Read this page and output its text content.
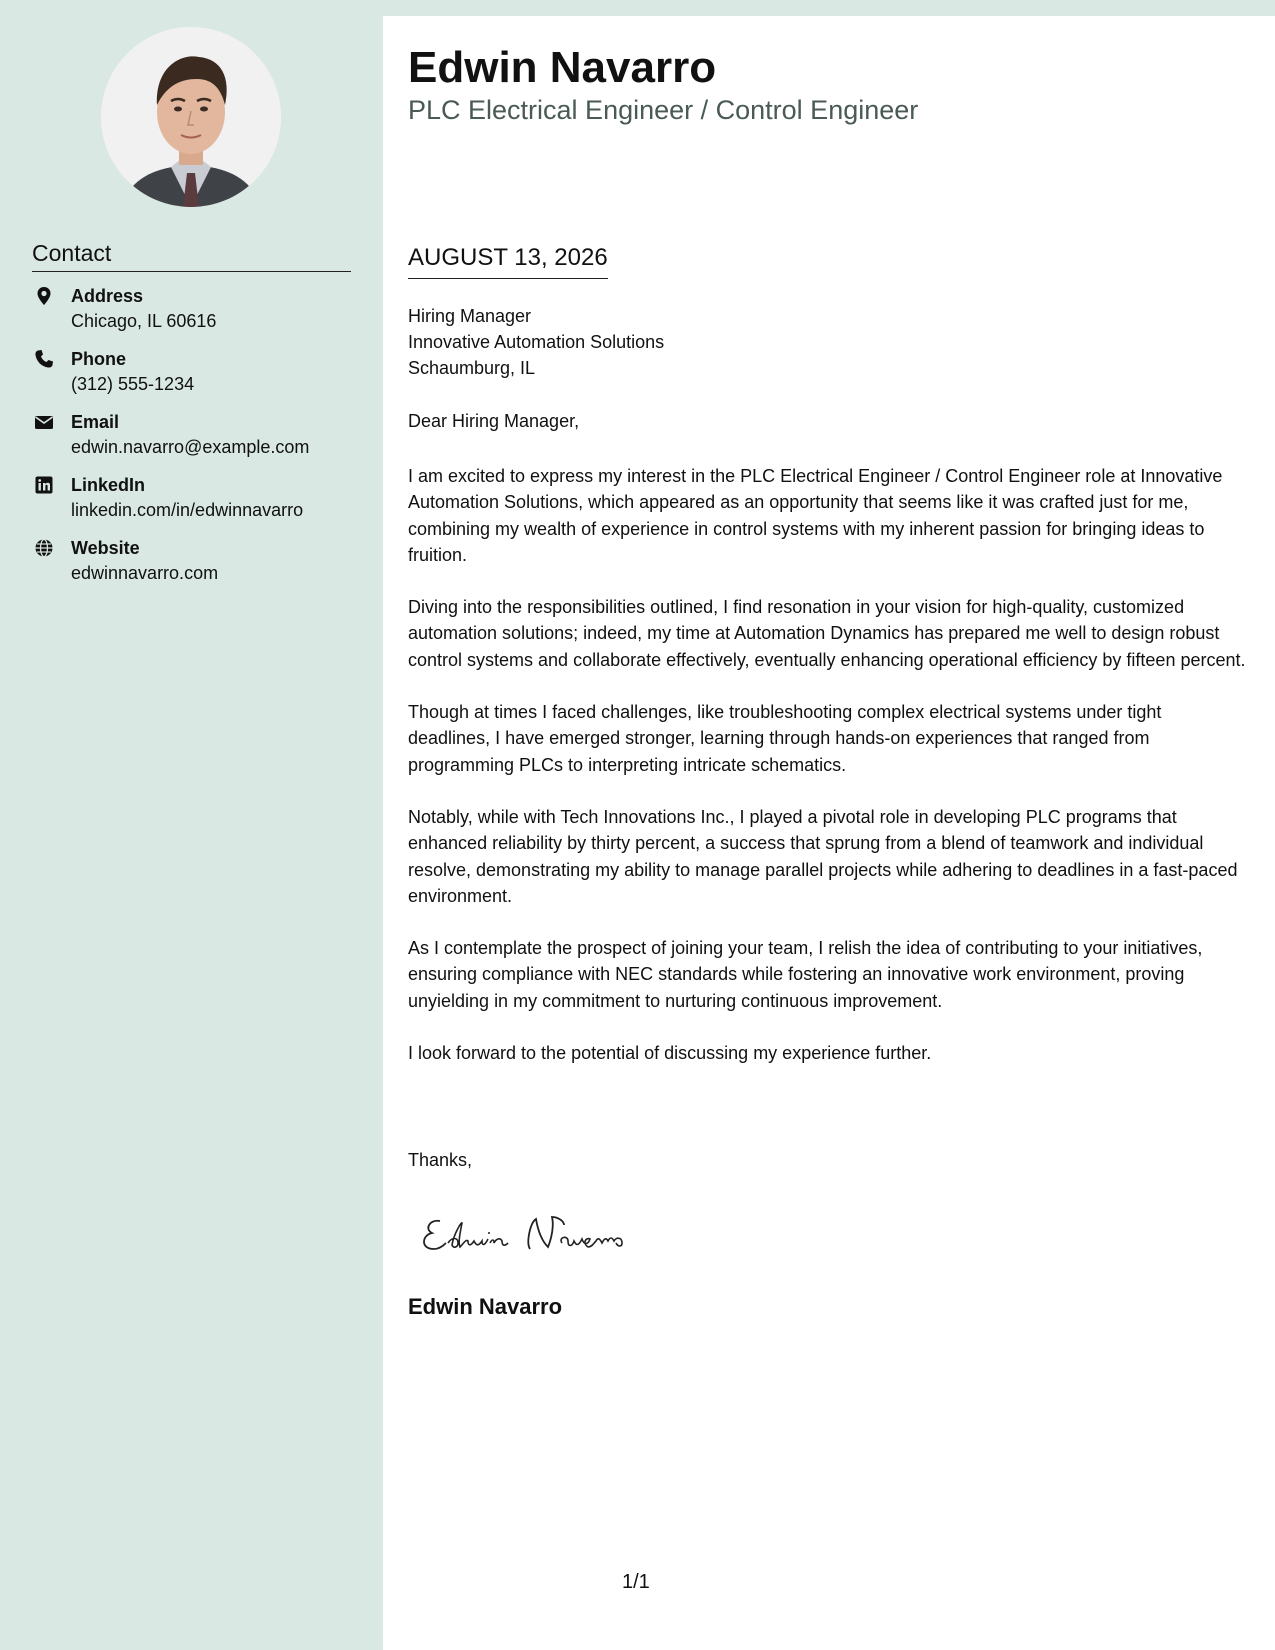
Contact
Address
Chicago, IL 60616
Phone
(312) 555-1234
Email
edwin.navarro@example.com
LinkedIn
linkedin.com/in/edwinnavarro
Website
edwinnavarro.com
Edwin Navarro
PLC Electrical Engineer / Control Engineer
AUGUST 13, 2026
Hiring Manager
Innovative Automation Solutions
Schaumburg, IL
Dear Hiring Manager,

I am excited to express my interest in the PLC Electrical Engineer / Control Engineer role at Innovative Automation Solutions, which appeared as an opportunity that seems like it was crafted just for me, combining my wealth of experience in control systems with my inherent passion for bringing ideas to fruition.

Diving into the responsibilities outlined, I find resonation in your vision for high-quality, customized automation solutions; indeed, my time at Automation Dynamics has prepared me well to design robust control systems and collaborate effectively, eventually enhancing operational efficiency by fifteen percent.

Though at times I faced challenges, like troubleshooting complex electrical systems under tight deadlines, I have emerged stronger, learning through hands-on experiences that ranged from programming PLCs to interpreting intricate schematics.

Notably, while with Tech Innovations Inc., I played a pivotal role in developing PLC programs that enhanced reliability by thirty percent, a success that sprung from a blend of teamwork and individual resolve, demonstrating my ability to manage parallel projects while adhering to deadlines in a fast-paced environment.

As I contemplate the prospect of joining your team, I relish the idea of contributing to your initiatives, ensuring compliance with NEC standards while fostering an innovative work environment, proving unyielding in my commitment to nurturing continuous improvement.

I look forward to the potential of discussing my experience further.

Thanks,
Edwin Navarro
1/1
